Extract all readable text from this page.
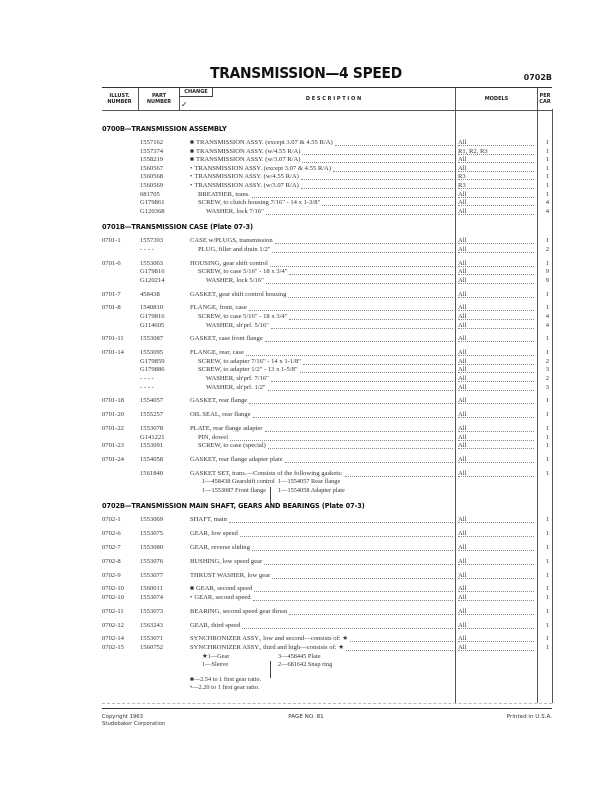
TRANSMISSION—4 SPEED	0702B
ILLUST.
NUMBER
PART
NUMBER
CHANGE
✓
D E S C R I P T I O N	MODELS	PER
CAR
0700B—TRANSMISSION ASSEMBLY
1557162	■ TRANSMISSION ASSY. (except 3.07 & 4.55 R/A)	All	1
1557374	■ TRANSMISSION ASSY. (w/4.55 R/A)	R1, R2, R3	1
1558219	■ TRANSMISSION ASSY. (w/3.07 R/A)	All	1
1560567	• TRANSMISSION ASSY. (except 3.07 & 4.55 R/A)	All	1
1560568	• TRANSMISSION ASSY. (w/4.55 R/A)	R3	1
1560569	• TRANSMISSION ASSY. (w/3.07 R/A)	R3	1
681705	BREATHER, trans.	All	1
G179861	SCREW, to clutch housing 7/16" - 14 x 1-3/8"	All	4
G120368	WASHER, lock 7/16"	All	4
0701B—TRANSMISSION CASE (Plate 07-3)
0701-1	1557393	CASE w/PLUGS, transmission	All	1
- - - -	PLUG, filler and drain 1/2"	All	2
0701-6	1553063	HOUSING, gear shift control	All	1
G179816	SCREW, to case 5/16" - 18 x 3/4"	All	9
G120214	WASHER, lock 5/16"	All	9
0701-7	458438	GASKET, gear shift control housing	All	1
0701-8	1540810	FLANGE, front, case	All	1
G179816	SCREW, to case 5/16" - 18 x 3/4"	All	4
G114605	WASHER, sh'prf. 5/16"	All	4
0701-11 1553087	GASKET, case front flange	All	1
0701-14 1553095	FLANGE, rear, case	All	1
G179859	SCREW, to adapter 7/16" - 14 x 1-1/8"	All	2
G179886	SCREW, to adapter 1/2" - 13 x 1-5/8"	All	3
- - - -	WASHER, sh'prf. 7/16"	All	2
- - - -	WASHER, sh'prf. 1/2"	All	3
0701-18 1554057	GASKET, rear flange	All	1
0701-20 1555257	OIL SEAL, rear flange	All	1
0701-22 1553078	PLATE, rear flange adapter	All	1
G141221	PIN, dowel	All	1
0701-23 1553091	SCREW, to case (special)	All	1
0701-24 1554058	GASKET, rear flange adapter plate	All	1
1561840	GASKET SET, trans.—Consists of the following gaskets:	All	1
1—458438 Gearshift control 1—1554057 Rear flange
1—1553087 Front flange 1—1554058 Adapter plate
0702B—TRANSMISSION MAIN SHAFT, GEARS AND BEARINGS (Plate 07-3)
0702-1	1553069	SHAFT, main	All	1
0702-6	1553075	GEAR, low speed	All	1
0702-7	1553080	GEAR, reverse sliding	All	1
0702-8	1553076	BUSHING, low speed gear	All	1
0702-9	1553077	THRUST WASHER, low gear	All	1
0702-10 1560011	■ GEAR, second speed	All	1
0702-10 1553074	• GEAR, second speed	All	1
0702-11 1553073	BEARING, second speed gear thrust	All	1
0702-12 1563243	GEAR, third speed	All	1
0702-14 1553071	SYNCHRONIZER ASSY., low and second—consists of: ★	All	1
0702-15 1560752	SYNCHRONIZER ASSY., third and high—consists of: ★	All	1
★1—Gear	3—458445 Plate
1—Sleeve	2—681642 Snap ring
■—2.54 to 1 first gear ratio.
•—2.20 to 1 first gear ratio.
Copyright 1963
Studebaker Corporation
PAGE NO. 81	Printed in U.S.A.
